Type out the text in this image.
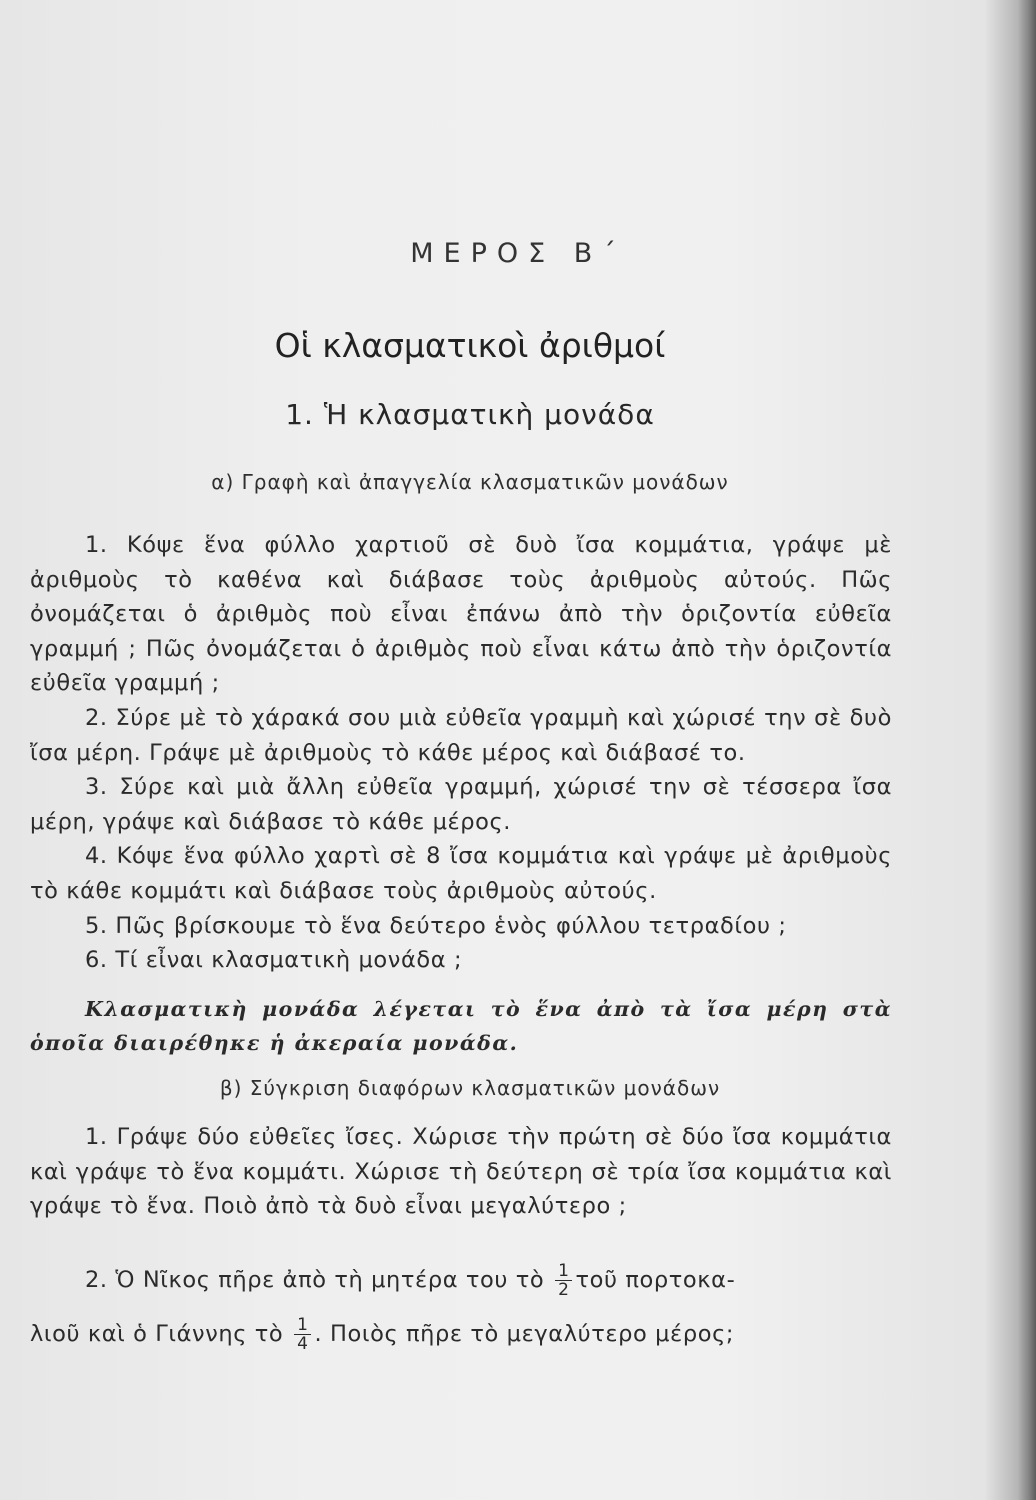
ΜΕΡΟΣ Β΄
Οἱ κλασματικοὶ ἀριθμοί
1. Ἡ κλασματικὴ μονάδα
α) Γραφὴ καὶ ἀπαγγελία κλασματικῶν μονάδων

1. Κόψε ἕνα φύλλο χαρτιοῦ σὲ δυὸ ἴσα κομμάτια, γράψε μὲ ἀριθμοὺς τὸ καθένα καὶ διάβασε τοὺς ἀριθμοὺς αὐτούς. Πῶς ὀνομάζεται ὁ ἀριθμὸς ποὺ εἶναι ἐπάνω ἀπὸ τὴν ὁριζοντία εὐθεῖα γραμμή ; Πῶς ὀνομάζεται ὁ ἀριθμὸς ποὺ εἶναι κάτω ἀπὸ τὴν ὁριζοντία εὐθεῖα γραμμή ;

2. Σύρε μὲ τὸ χάρακά σου μιὰ εὐθεῖα γραμμὴ καὶ χώρισέ την σὲ δυὸ ἴσα μέρη. Γράψε μὲ ἀριθμοὺς τὸ κάθε μέρος καὶ διάβασέ το.

3. Σύρε καὶ μιὰ ἄλλη εὐθεῖα γραμμή, χώρισέ την σὲ τέσσερα ἴσα μέρη, γράψε καὶ διάβασε τὸ κάθε μέρος.

4. Κόψε ἕνα φύλλο χαρτὶ σὲ 8 ἴσα κομμάτια καὶ γράψε μὲ ἀριθμοὺς τὸ κάθε κομμάτι καὶ διάβασε τοὺς ἀριθμοὺς αὐτούς.

5. Πῶς βρίσκουμε τὸ ἕνα δεύτερο ἑνὸς φύλλου τετραδίου ;

6. Τί εἶναι κλασματικὴ μονάδα ;

Κλασματικὴ μονάδα λέγεται τὸ ἕνα ἀπὸ τὰ ἴσα μέρη στὰ ὁποῖα διαιρέθηκε ἡ ἀκεραία μονάδα.
β) Σύγκριση διαφόρων κλασματικῶν μονάδων

1. Γράψε δύο εὐθεῖες ἴσες. Χώρισε τὴν πρώτη σὲ δύο ἴσα κομμάτια καὶ γράψε τὸ ἕνα κομμάτι. Χώρισε τὴ δεύτερη σὲ τρία ἴσα κομμάτια καὶ γράψε τὸ ἕνα. Ποιὸ ἀπὸ τὰ δυὸ εἶναι μεγαλύτερο ;

2. Ὁ Νῖκος πῆρε ἀπὸ τὴ μητέρα του τὸ $\frac{1}{2}$ τοῦ πορτοκα-
λιοῦ καὶ ὁ Γιάννης τὸ $\frac{1}{4}$ . Ποιὸς πῆρε τὸ μεγαλύτερο μέρος;
